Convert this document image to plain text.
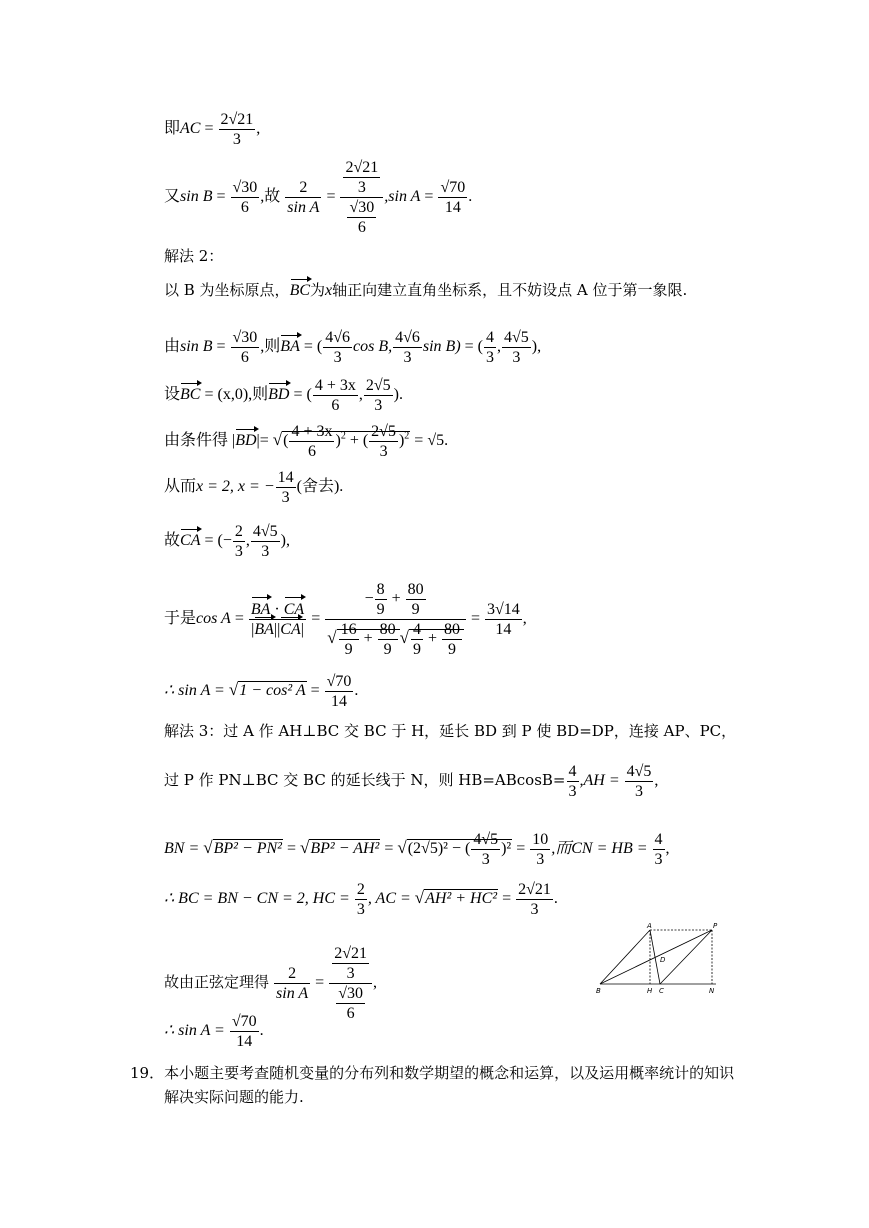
即AC = $\frac{2√21}{3}$ ,
又$\sin B = \frac{√30}{6}$ ,故 $\frac{2}{\text{sin A}} = \frac{\frac{2√21}{3}}{\frac{√30}{6}} ,\sin$ $A = \frac{√70}{14}$ .
解法 2：
以 B 为坐标原点，BC为x轴正向建立直角坐标系，且不妨设点 A 位于第一象限.
由$\sin B = \frac{√30}{6}$ ,则BA = ( $\frac{4√6}{3}$ cos B, $\frac{4√6}{3}$ sin B) = ( $\frac{4}{3}$ , $\frac{4√5}{3}$ ),
设BC = (x,0),则BD = ( $\frac{4 + 3x}{6}$ , $\frac{2√5}{3}$ ).
由条件得 |BD|= √( $\frac{4 + 3x}{6} )^2$ + ( $\frac{2√5}{3} )^2 = √5$.
从而x = 2, x = − $\frac{14}{3}$ (舍去).
故CA = (− $\frac{2}{3}$ , $\frac{4√5}{3}$ ),
于是$\cos A = \frac{BA \cdot CA}{|BA||CA|} = \frac{- \frac{8}{9} + \frac{80}{9}}{√ \frac{16}{9} + \frac{80}{9} √ \frac{4}{9} + \frac{80}{9}} = \frac{3√14}{14}$ ,
∴ sin A = √1 − cos² $A = \frac{√70}{14}$ .
解法 3：过 A 作 AH⊥BC 交 BC 于 H，延长 BD 到 P 使 BD=DP，连接 AP、PC，
过 P 作 PN⊥BC 交 BC 的延长线于 N，则 $HB=ABcosB= \frac{4}{3} ,AH = \frac{4√5}{3}$ ,
BN = √BP² − PN² = √BP² − AH² = √(2√5)² − ( $\frac{4√5}{3} )^2 = \frac{10}{3}$ ,而CN = HB = $\frac{4}{3}$ ,
∴ BC = BN − CN = 2, HC = $\frac{2}{3}$ , AC = $√AH^2 + HC^2 = \frac{2√21}{3}$ .
故由正弦定理得 $\frac{2}{\text{sin A}} = \frac{\frac{2√21}{3}}{\frac{√30}{6}}$ ,
∴ $\sin A = \frac{√70}{14}$ .
A	P
D
B	H C	N
19．本小题主要考查随机变量的分布列和数学期望的概念和运算，以及运用概率统计的知识
解决实际问题的能力.
